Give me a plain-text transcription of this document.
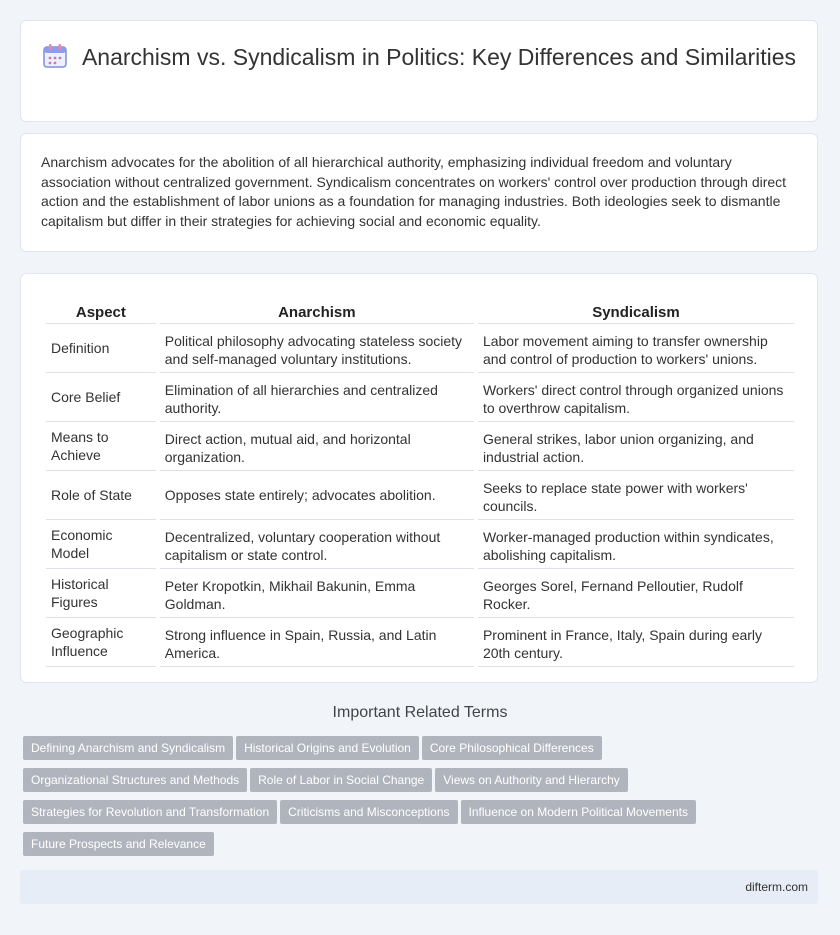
Anarchism vs. Syndicalism in Politics: Key Differences and Similarities
Anarchism advocates for the abolition of all hierarchical authority, emphasizing individual freedom and voluntary association without centralized government. Syndicalism concentrates on workers' control over production through direct action and the establishment of labor unions as a foundation for managing industries. Both ideologies seek to dismantle capitalism but differ in their strategies for achieving social and economic equality.
Aspect	Anarchism	Syndicalism
Definition	Political philosophy advocating stateless society and self-managed voluntary institutions.	Labor movement aiming to transfer ownership and control of production to workers' unions.
Core Belief	Elimination of all hierarchies and centralized authority.	Workers' direct control through organized unions to overthrow capitalism.
Means to Achieve	Direct action, mutual aid, and horizontal organization.	General strikes, labor union organizing, and industrial action.
Role of State	Opposes state entirely; advocates abolition.	Seeks to replace state power with workers' councils.
Economic Model	Decentralized, voluntary cooperation without capitalism or state control.	Worker-managed production within syndicates, abolishing capitalism.
Historical Figures	Peter Kropotkin, Mikhail Bakunin, Emma Goldman.	Georges Sorel, Fernand Pelloutier, Rudolf Rocker.
Geographic Influence	Strong influence in Spain, Russia, and Latin America.	Prominent in France, Italy, Spain during early 20th century.
Important Related Terms
Defining Anarchism and Syndicalism Historical Origins and Evolution Core Philosophical Differences
Organizational Structures and Methods Role of Labor in Social Change Views on Authority and Hierarchy
Strategies for Revolution and Transformation Criticisms and Misconceptions Influence on Modern Political Movements
Future Prospects and Relevance
difterm.com
